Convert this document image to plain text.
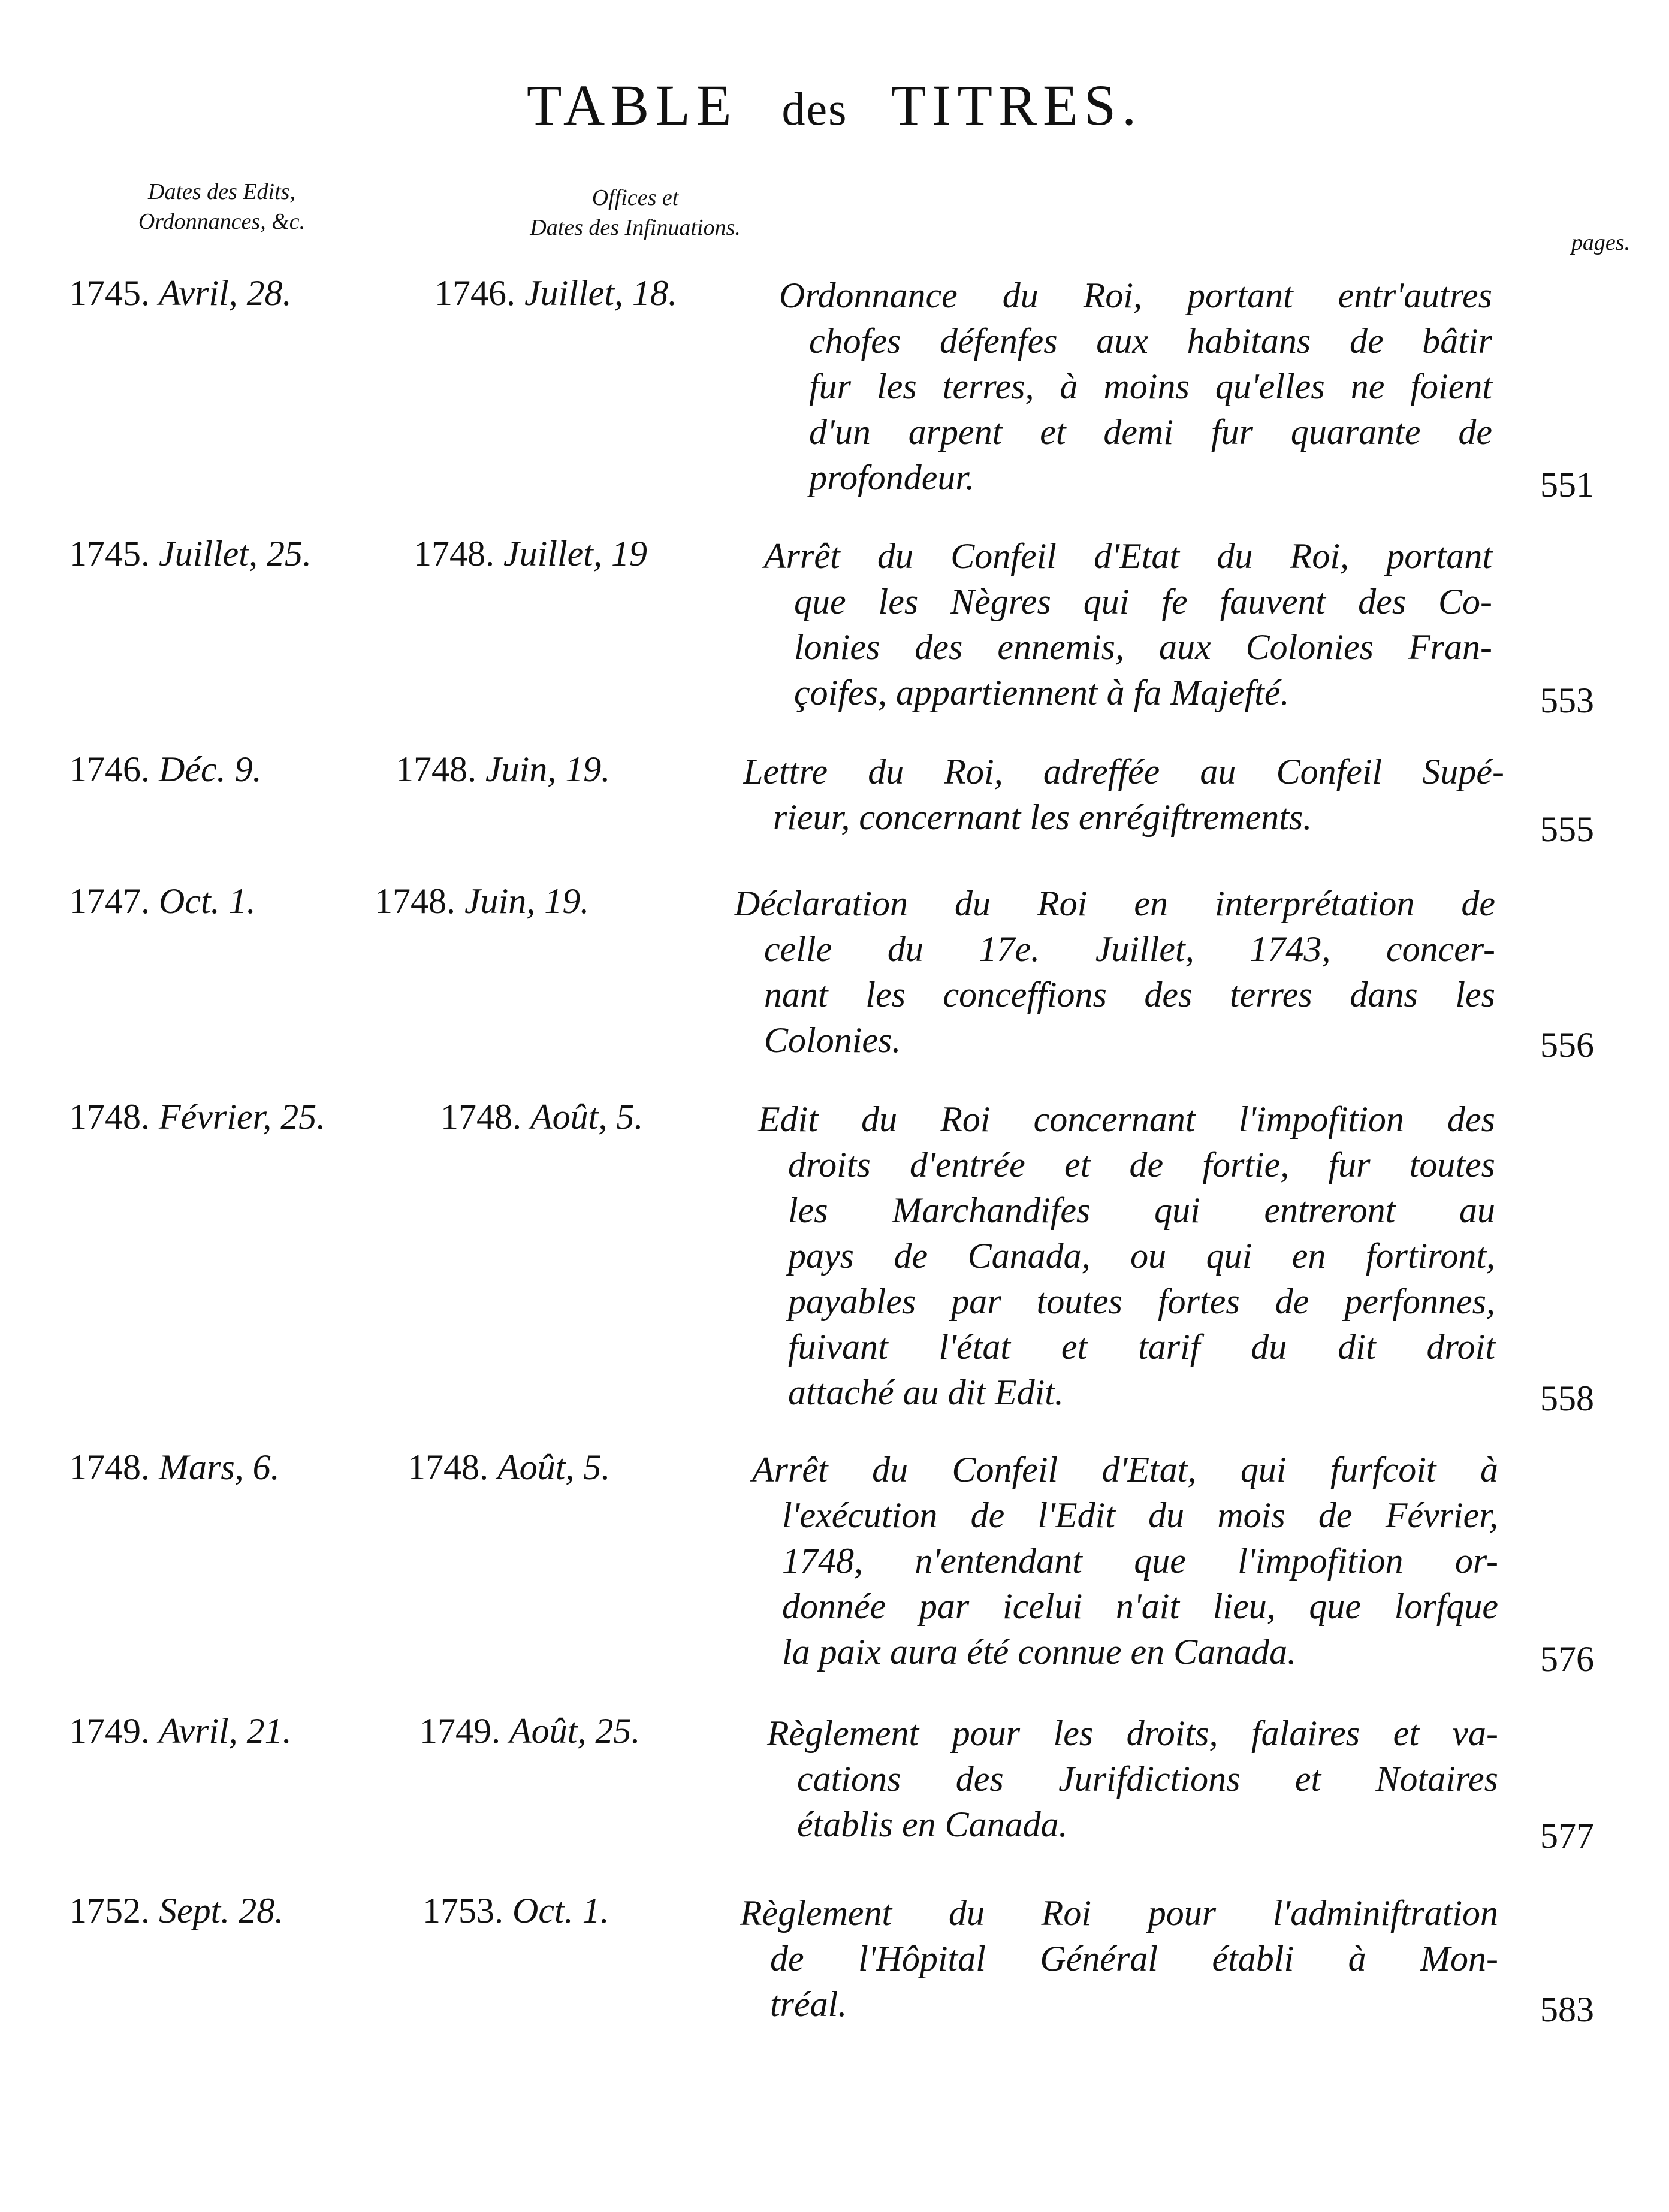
TABLE des TITRES.
Dates des Edits,
Ordonnances, &c.
Offices et
Dates des Infinuations.
pages.
1745. Avril, 28.	1746. Juillet, 18.	Ordonnance du Roi, portant entr'autres
chofes défenfes aux habitans de bâtir
fur les terres, à moins qu'elles ne foient
d'un arpent et demi fur quarante de
profondeur.	551
1745. Juillet, 25.	1748. Juillet, 19	Arrêt du Confeil d'Etat du Roi, portant
que les Nègres qui fe fauvent des Co-
lonies des ennemis, aux Colonies Fran-
çoifes, appartiennent à fa Majefté.	553
1746. Déc. 9.	1748. Juin, 19.	Lettre du Roi, adreffée au Confeil Supé-
rieur, concernant les enrégiftrements.	555
1747. Oct. 1.	1748. Juin, 19.	Déclaration du Roi en interprétation de
celle du 17e. Juillet, 1743, concer-
nant les conceffions des terres dans les
Colonies.	556
1748. Février, 25.	1748. Août, 5.	Edit du Roi concernant l'impofition des
droits d'entrée et de fortie, fur toutes
les Marchandifes qui entreront au
pays de Canada, ou qui en fortiront,
payables par toutes fortes de perfonnes,
fuivant l'état et tarif du dit droit
attaché au dit Edit.	558
1748. Mars, 6.	1748. Août, 5.	Arrêt du Confeil d'Etat, qui furfcoit à
l'exécution de l'Edit du mois de Février,
1748, n'entendant que l'impofition or-
donnée par icelui n'ait lieu, que lorfque
la paix aura été connue en Canada.	576
1749. Avril, 21.	1749. Août, 25.	Règlement pour les droits, falaires et va-
cations des Jurifdictions et Notaires
établis en Canada.	577
1752. Sept. 28.	1753. Oct. 1.	Règlement du Roi pour l'adminiftration
de l'Hôpital Général établi à Mon-
tréal.	583
